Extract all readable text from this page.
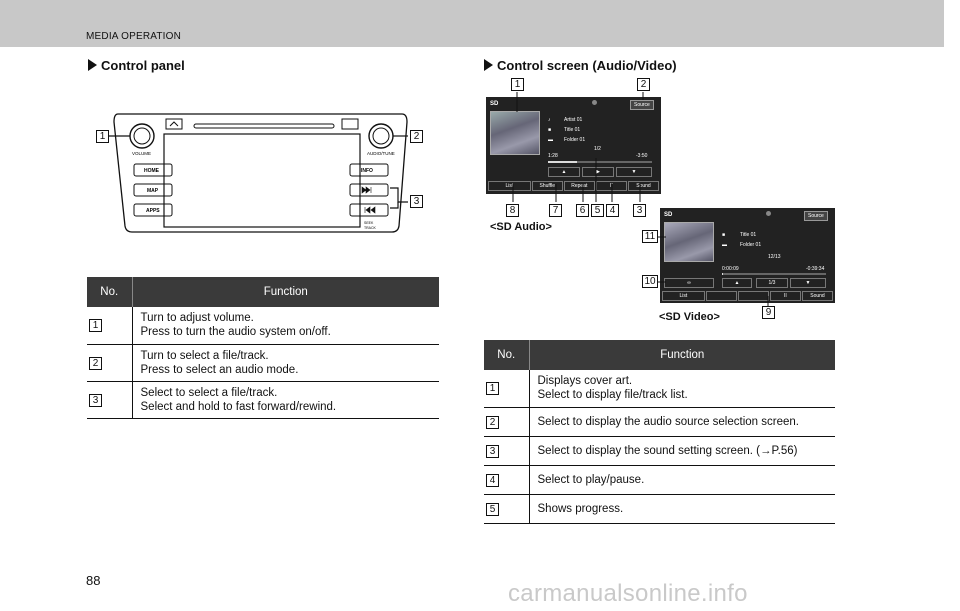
MEDIA OPERATION
Control panel
VOLUME	AUDIO/TUNE
HOME
MAP
APPS
INFO
SEEK
TRACK
1	2
3
No.	Function
1	Turn to adjust volume.
Press to turn the audio system on/off.

2	Turn to select a file/track.
Press to select an audio mode.

3	Select to select a file/track.
Select and hold to fast forward/rewind.
Control screen (Audio/Video)
SD	Source
♪	Artist 01
■	Title 01
▬ Folder 01
1/2
1:28	-3:50
▲	▶	▼
List	Shuffle	Repeat	II	Sound
<SD Audio>
SD	Source
■	Title 01
▬	Folder 01
12/13
0:00:09	-0:39:34
∞	▲	1/3	▼
List	II	Sound
<SD Video>
1	2
8	7	6 5 4	3
11
10
9
No.	Function
1	Displays cover art.
Select to display file/track list.

2	Select to display the audio source selection screen.

3	Select to display the sound setting screen. (→P.56)

4	Select to play/pause.

5	Shows progress.
88	carmanualsonline.info
